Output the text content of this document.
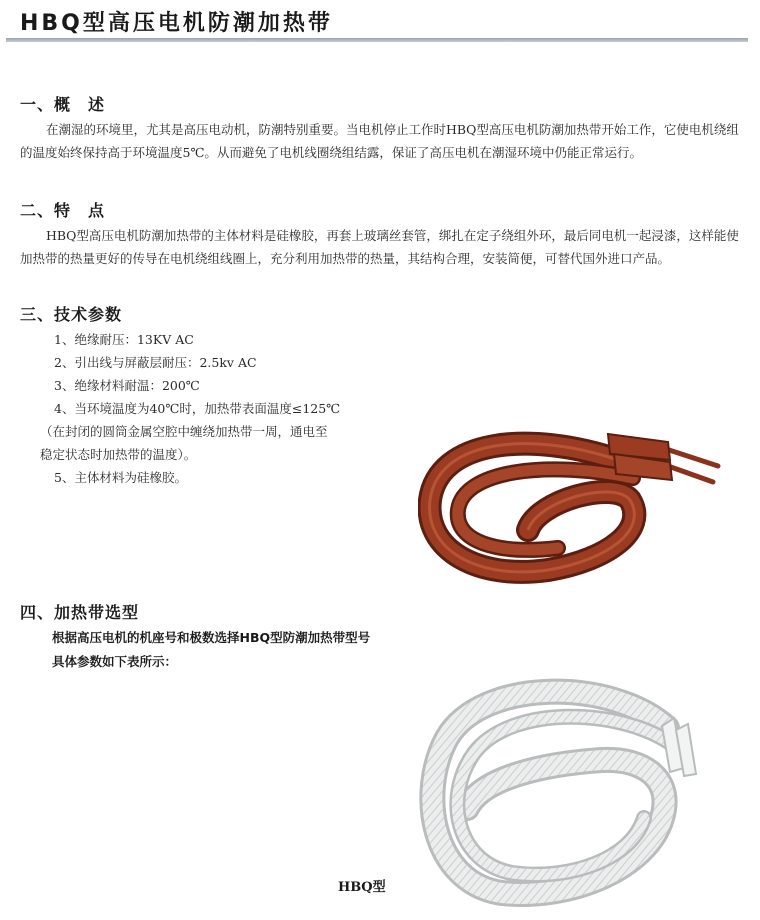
HBQ型高压电机防潮加热带
一、概　述
在潮湿的环境里，尤其是高压电动机，防潮特别重要。当电机停止工作时HBQ型高压电机防潮加热带开始工作，它使电机绕组的温度始终保持高于环境温度5℃。从而避免了电机线圈绕组结露，保证了高压电机在潮湿环境中仍能正常运行。
二、特　点
HBQ型高压电机防潮加热带的主体材料是硅橡胶，再套上玻璃丝套管，绑扎在定子绕组外环，最后同电机一起浸漆，这样能使加热带的热量更好的传导在电机绕组线圈上，充分利用加热带的热量，其结构合理，安装简便，可替代国外进口产品。
三、技术参数
1、绝缘耐压：13KV AC
2、引出线与屏蔽层耐压：2.5kv AC
3、绝缘材料耐温：200℃
4、当环境温度为40℃时，加热带表面温度≤125℃
（在封闭的圆筒金属空腔中缠绕加热带一周，通电至
稳定状态时加热带的温度）。
5、主体材料为硅橡胶。
四、加热带选型
根据高压电机的机座号和极数选择HBQ型防潮加热带型号
具体参数如下表所示：
HBQ型
